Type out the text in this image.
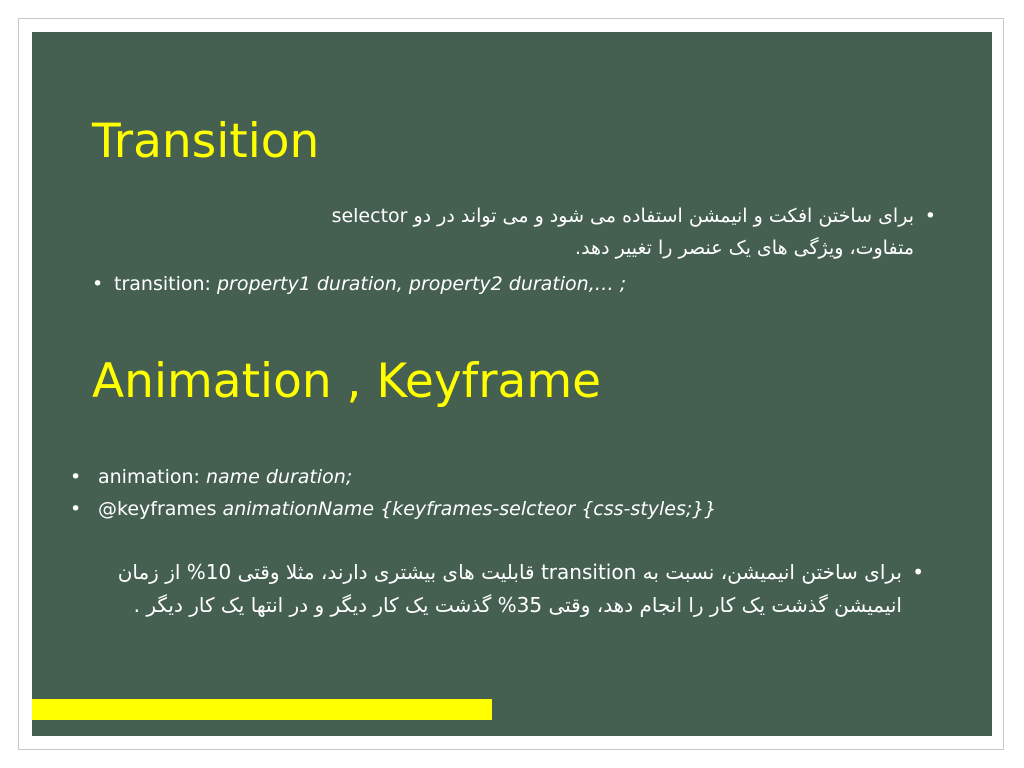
Transition
•
برای ساختن افکت و انیمشن استفاده می شود و می تواند در دو selector
متفاوت، ویژگی های یک عنصر را تغییر دهد.
• transition: property1 duration, property2 duration,… ;
Animation , Keyframe
• animation: name duration;
• @keyframes animationName {keyframes-selcteor {css-styles;}}
•
برای ساختن انیمیشن، نسبت به transition قابلیت های بیشتری دارند، مثلا وقتی 10% از زمان انیمیشن گذشت یک کار را انجام دهد، وقتی 35% گذشت یک کار دیگر و در انتها یک کار دیگر .
